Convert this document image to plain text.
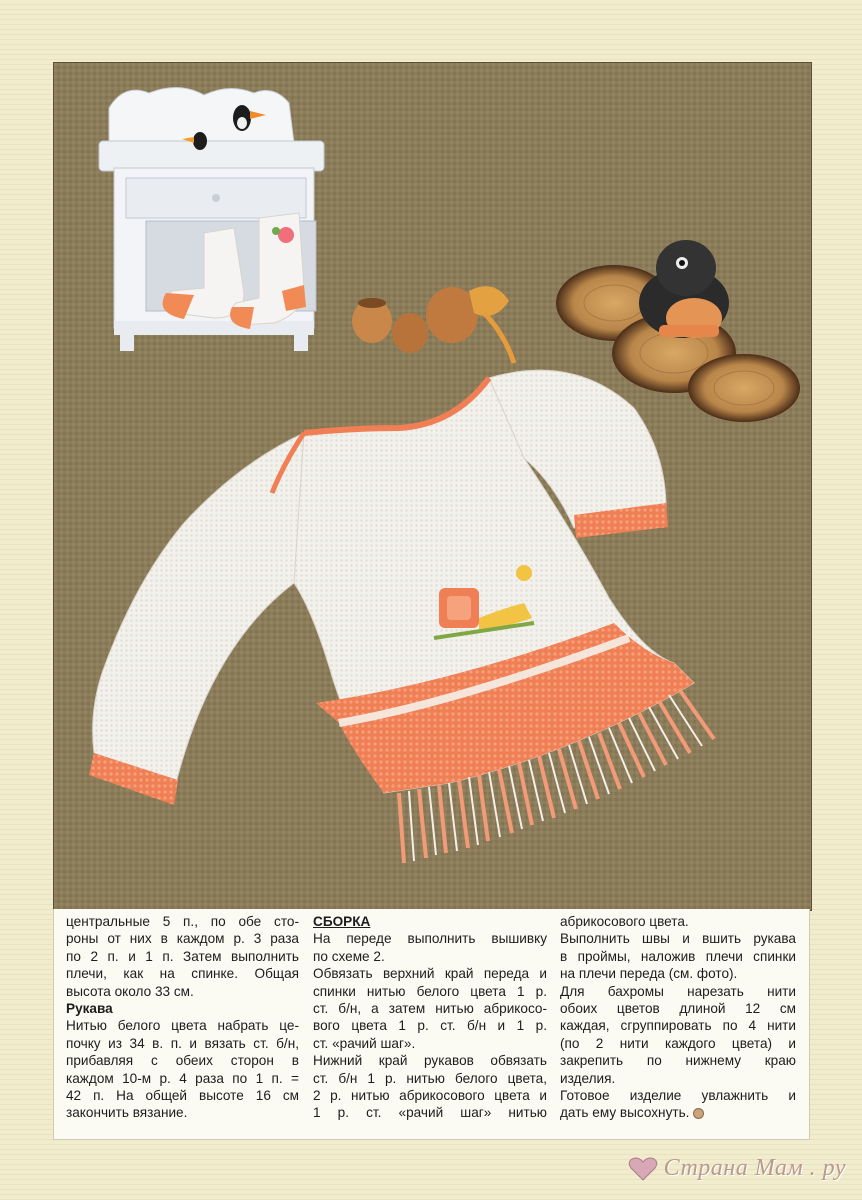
центральные 5 п., по обе сто-
роны от них в каждом р. 3 раза
по 2 п. и 1 п. Затем выполнить
плечи, как на спинке. Общая
высота около 33 см.
Рукава
Нитью белого цвета набрать це-
почку из 34 в. п. и вязать ст. б/н,
прибавляя с обеих сторон в
каждом 10-м р. 4 раза по 1 п. =
42 п. На общей высоте 16 см
закончить вязание.
СБОРКА
На переде выполнить вышивку
по схеме 2.
Обвязать верхний край переда и
спинки нитью белого цвета 1 р.
ст. б/н, а затем нитью абрикосо-
вого цвета 1 р. ст. б/н и 1 р.
ст. «рачий шаг».
Нижний край рукавов обвязать
ст. б/н 1 р. нитью белого цвета,
2 р. нитью абрикосового цвета и
1 р. ст. «рачий шаг» нитью
абрикосового цвета.
Выполнить швы и вшить рукава
в проймы, наложив плечи спинки
на плечи переда (см. фото).
Для бахромы нарезать нити
обоих цветов длиной 12 см
каждая, сгруппировать по 4 нити
(по 2 нити каждого цвета) и
закрепить по нижнему краю
изделия.
Готовое изделие увлажнить и
дать ему высохнуть.
Страна Мам . ру
